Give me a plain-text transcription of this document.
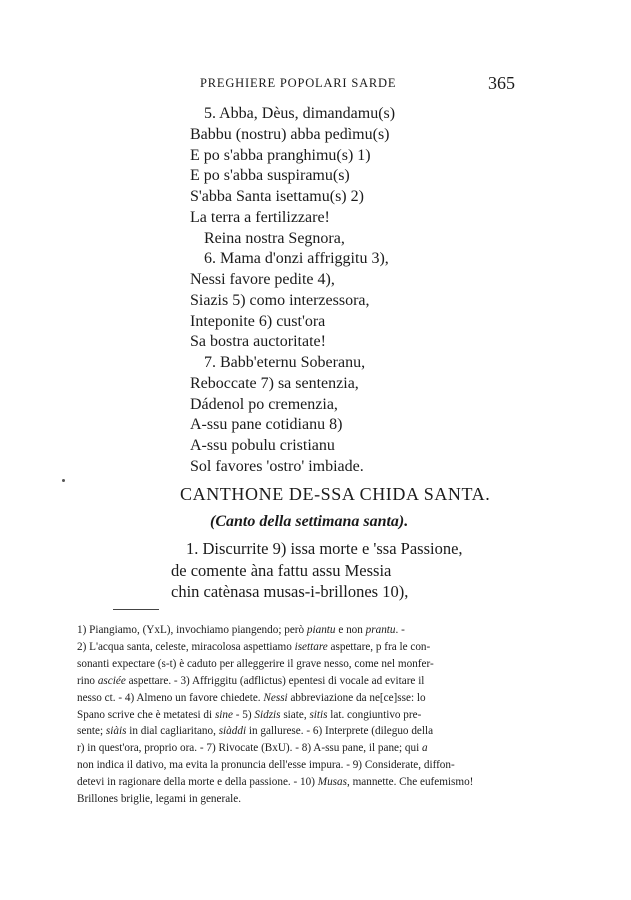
PREGHIERE POPOLARI SARDE	365
5. Abba, Dèus, dimandamu(s)
Babbu (nostru) abba pedìmu(s)
E po s'abba pranghimu(s) 1)
E po s'abba suspiramu(s)
S'abba Santa isettamu(s) 2)
La terra a fertilizzare!
Reina nostra Segnora,
6. Mama d'onzi affriggitu 3),
Nessi favore pedite 4),
Siazis 5) como interzessora,
Inteponite 6) cust'ora
Sa bostra auctoritate!
7. Babb'eternu Soberanu,
Reboccate 7) sa sentenzia,
Dádenol po cremenzia,
A-ssu pane cotidianu 8)
A-ssu pobulu cristianu
Sol favores 'ostro' imbiade.
CANTHONE DE-SSA CHIDA SANTA.
(Canto della settimana santa).
1. Discurrite 9) issa morte e 'ssa Passione,
de comente àna fattu assu Messia
chin catènasa musas-i-brillones 10),
1) Piangiamo, (YxL), invochiamo piangendo; però piantu e non prantu. -
2) L'acqua santa, celeste, miracolosa aspettiamo isettare aspettare, p fra le con-
sonanti expectare (s-t) è caduto per alleggerire il grave nesso, come nel monfer-
rino asciée aspettare. - 3) Affriggitu (adflictus) epentesi di vocale ad evitare il
nesso ct. - 4) Almeno un favore chiedete. Nessi abbreviazione da ne[ce]sse: lo
Spano scrive che è metatesi di sine - 5) Sidzis siate, sitis lat. congiuntivo pre-
sente; siàis in dial cagliaritano, siàddi in gallurese. - 6) Interprete (dileguo della
r) in quest'ora, proprio ora. - 7) Rivocate (BxU). - 8) A-ssu pane, il pane; qui a
non indica il dativo, ma evita la pronuncia dell'esse impura. - 9) Considerate, diffon-
detevi in ragionare della morte e della passione. - 10) Musas, mannette. Che eufemismo!
Brillones briglie, legami in generale.
